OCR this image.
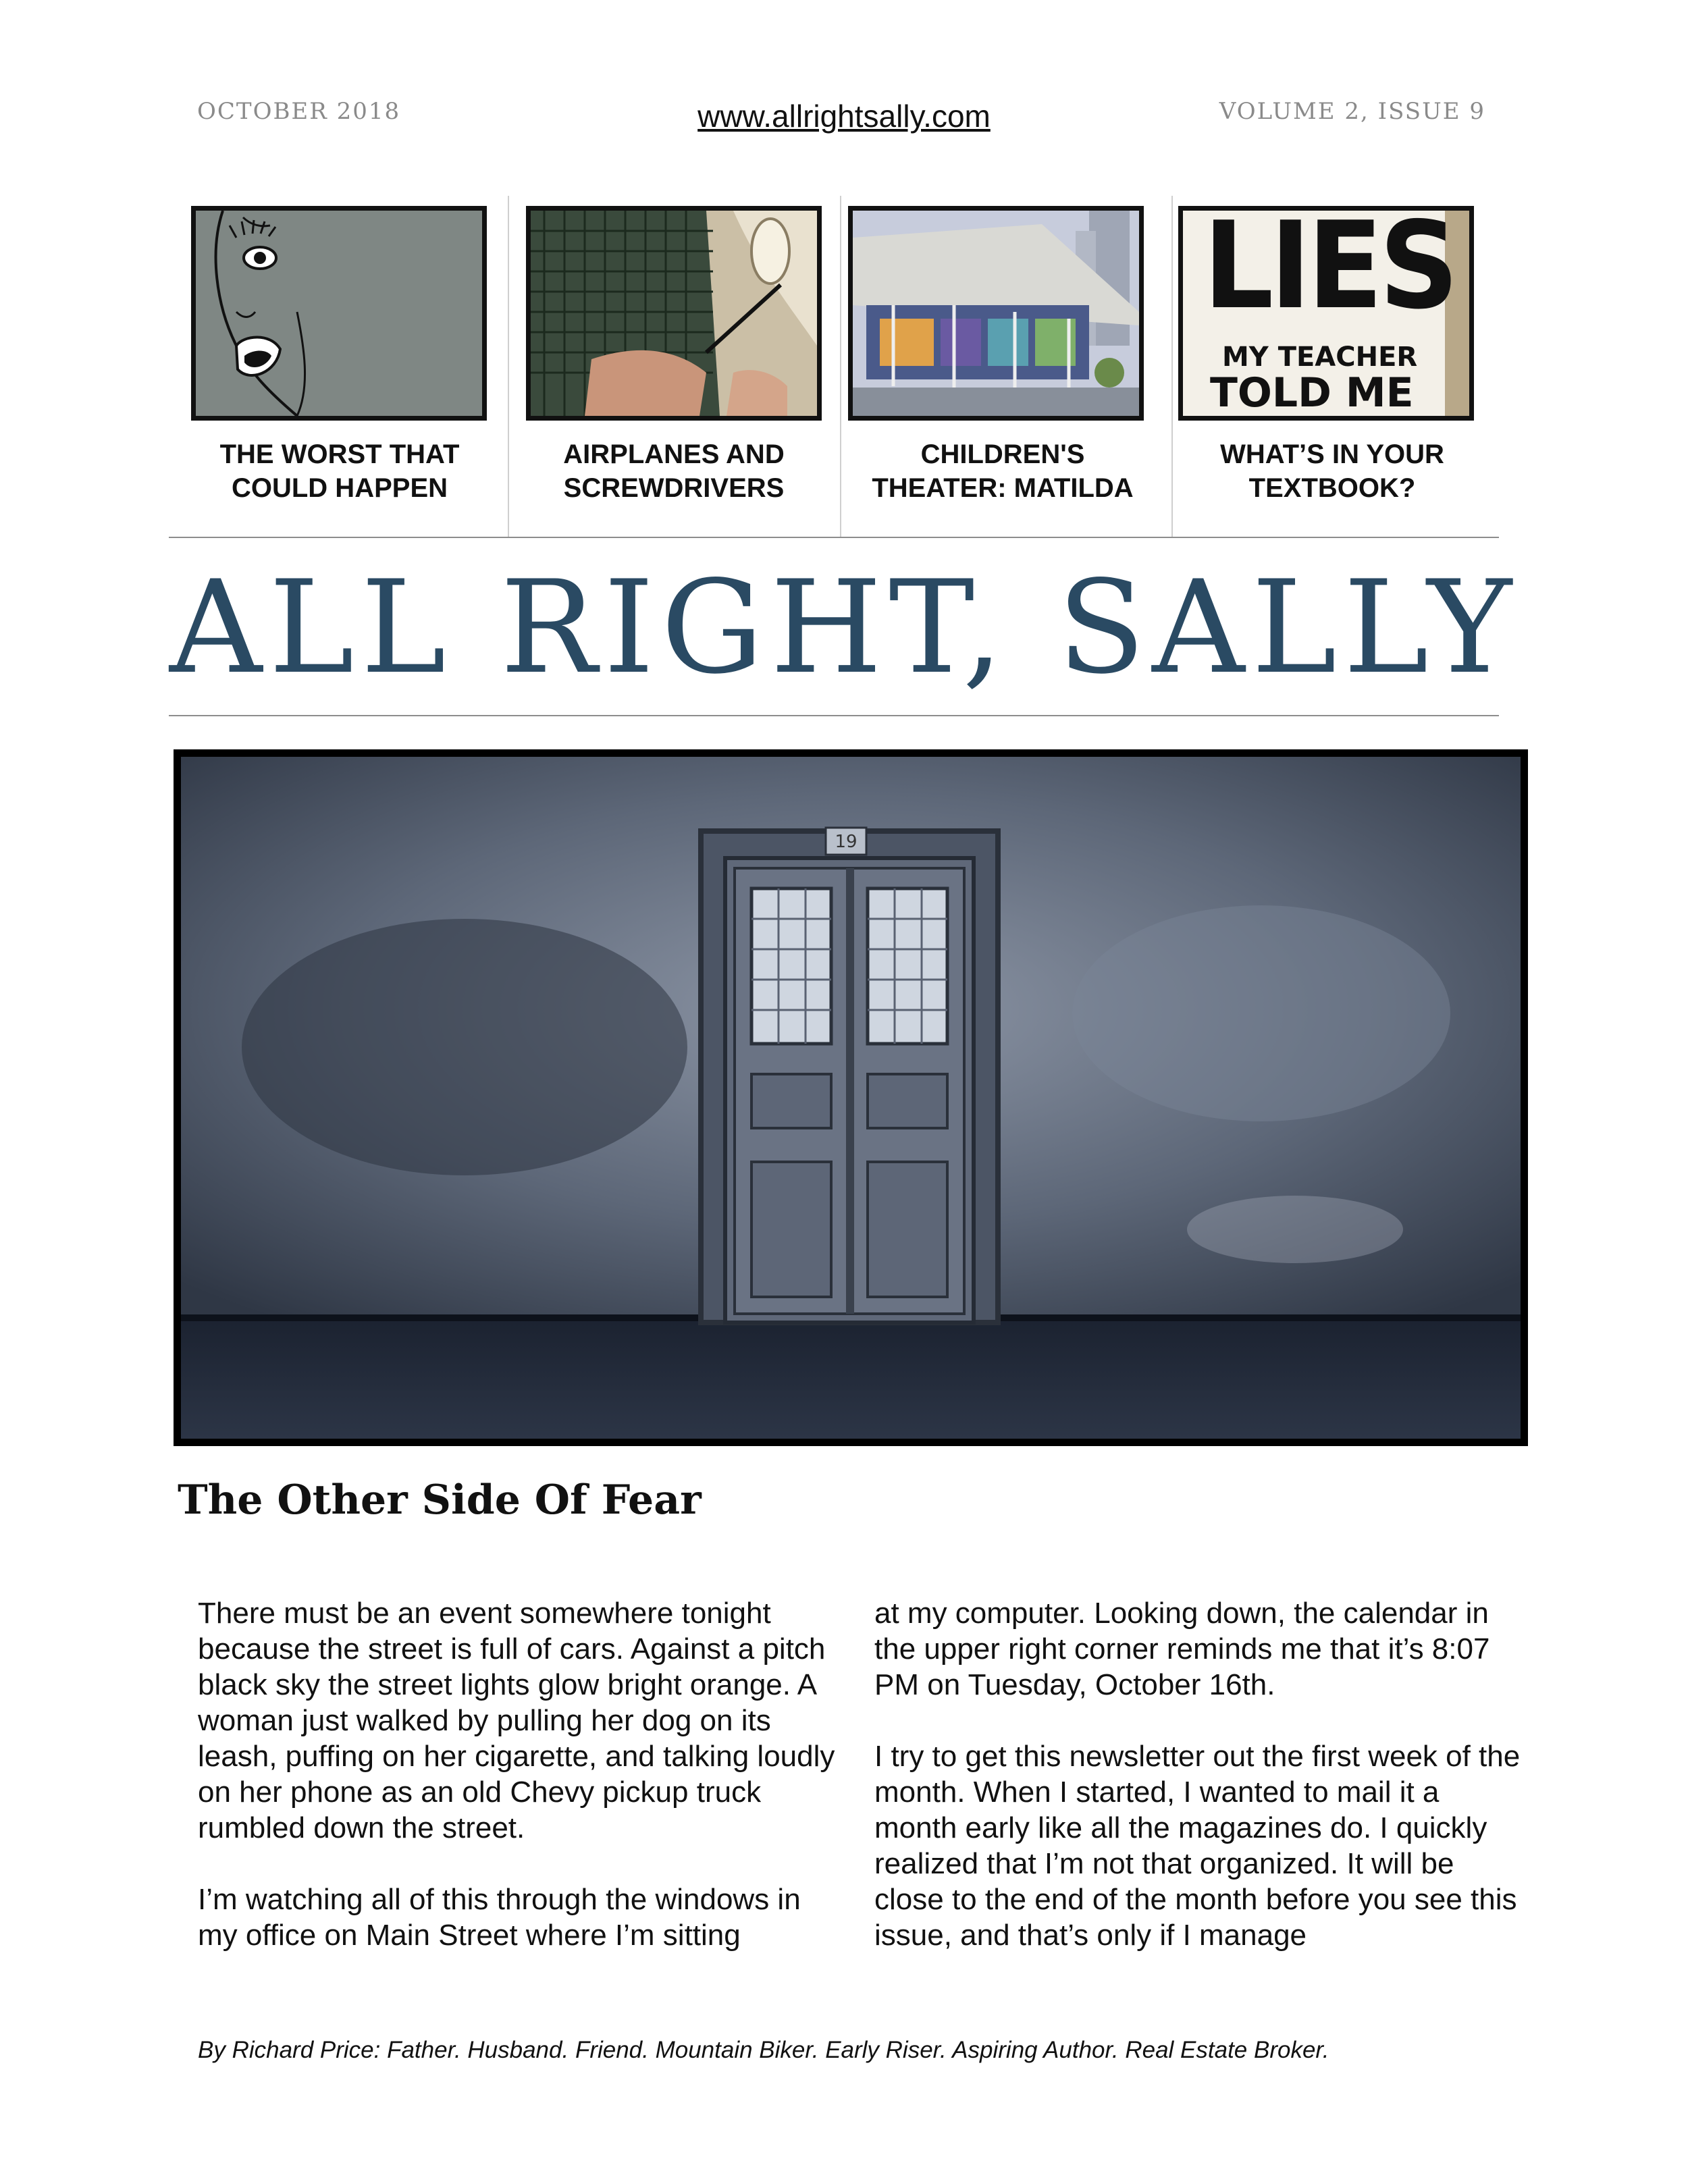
OCTOBER 2018	www.allrightsally.com	VOLUME 2, ISSUE 9
THE WORST THAT
COULD HAPPEN
AIRPLANES AND
SCREWDRIVERS
CHILDREN'S
THEATER: MATILDA
LIES
MY TEACHER
TOLD ME
WHAT’S IN YOUR
TEXTBOOK?
ALL RIGHT, SALLY
19
The Other Side Of Fear

There must be an event somewhere tonight because the street is full of cars. Against a pitch black sky the street lights glow bright orange. A woman just walked by pulling her dog on its leash, puffing on her cigarette, and talking loudly on her phone as an old Chevy pickup truck rumbled down the street.

I’m watching all of this through the windows in my office on Main Street where I’m sitting

at my computer. Looking down, the calendar in the upper right corner reminds me that it’s 8:07 PM on Tuesday, October 16th.

I try to get this newsletter out the first week of the month. When I started, I wanted to mail it a month early like all the magazines do. I quickly realized that I’m not that organized. It will be close to the end of the month before you see this issue, and that’s only if I manage

By Richard Price: Father. Husband. Friend. Mountain Biker. Early Riser. Aspiring Author. Real Estate Broker.
